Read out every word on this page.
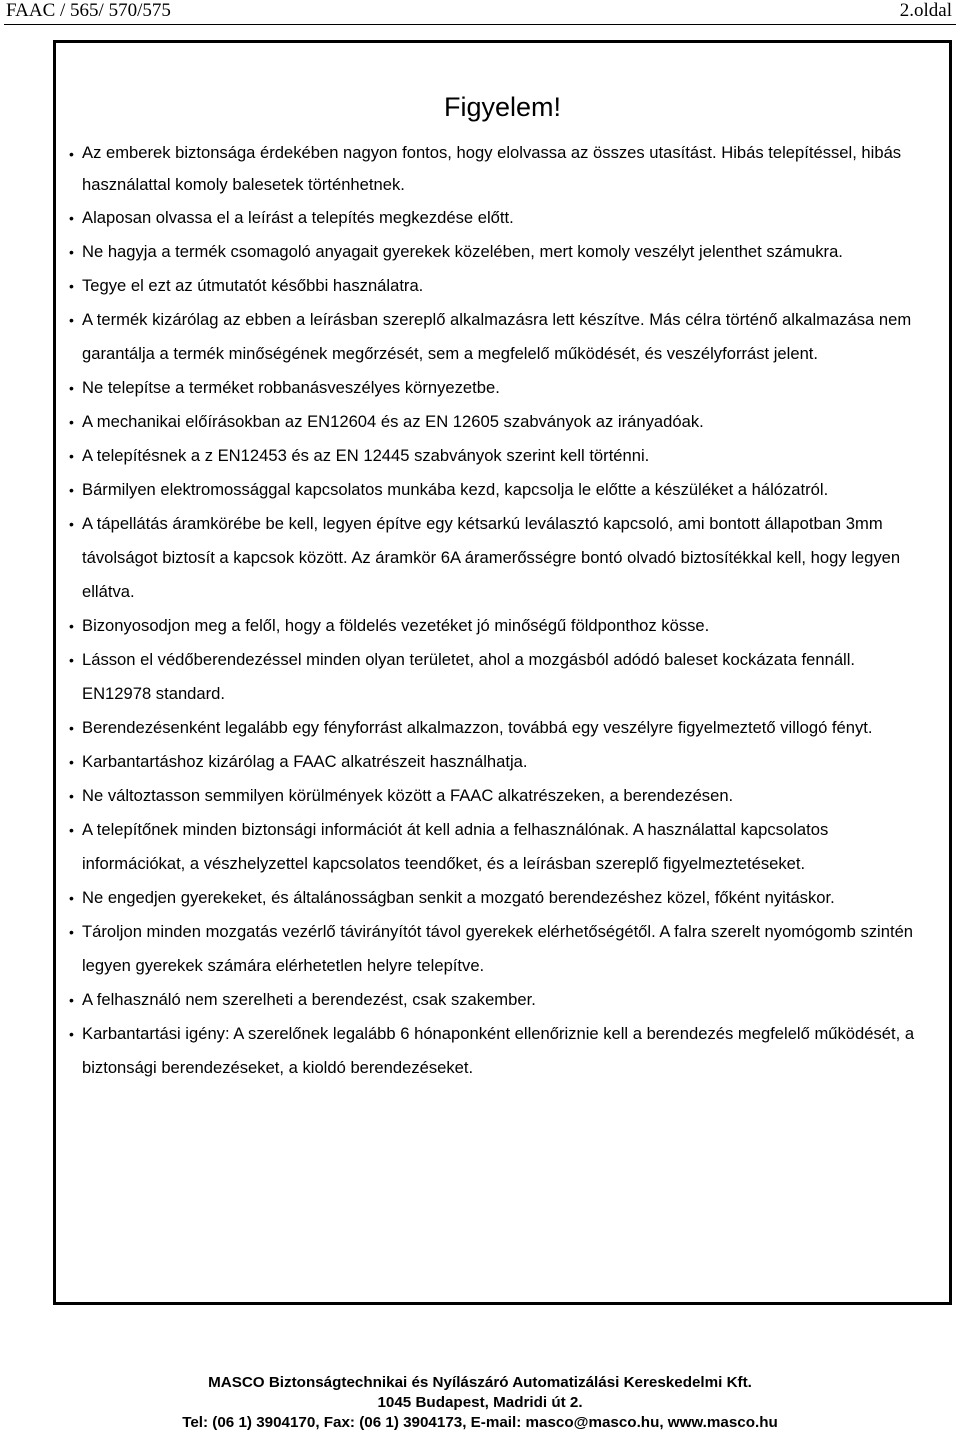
FAAC / 565/ 570/575	2.oldal
Figyelem!
• Az emberek biztonsága érdekében nagyon fontos, hogy elolvassa az összes utasítást. Hibás telepítéssel, hibás használattal komoly balesetek történhetnek.
• Alaposan olvassa el a leírást a telepítés megkezdése előtt.
• Ne hagyja a termék csomagoló anyagait gyerekek közelében, mert komoly veszélyt jelenthet számukra.
• Tegye el ezt az útmutatót későbbi használatra.
• A termék kizárólag az ebben a leírásban szereplő alkalmazásra lett készítve. Más célra történő alkalmazása nem garantálja a termék minőségének megőrzését, sem a megfelelő működését, és veszélyforrást jelent.
• Ne telepítse a terméket robbanásveszélyes környezetbe.
• A mechanikai előírásokban az EN12604 és az EN 12605 szabványok az irányadóak.
• A telepítésnek a z EN12453 és az EN 12445 szabványok szerint kell történni.
• Bármilyen elektromossággal kapcsolatos munkába kezd, kapcsolja le előtte a készüléket a hálózatról.
• A tápellátás áramkörébe be kell, legyen építve egy kétsarkú leválasztó kapcsoló, ami bontott állapotban 3mm távolságot biztosít a kapcsok között. Az áramkör 6A áramerősségre bontó olvadó biztosítékkal kell, hogy legyen ellátva.
• Bizonyosodjon meg a felől, hogy a földelés vezetéket jó minőségű földponthoz kösse.
• Lásson el védőberendezéssel minden olyan területet, ahol a mozgásból adódó baleset kockázata fennáll. EN12978 standard.
• Berendezésenként legalább egy fényforrást alkalmazzon, továbbá egy veszélyre figyelmeztető villogó fényt.
• Karbantartáshoz kizárólag a FAAC alkatrészeit használhatja.
• Ne változtasson semmilyen körülmények között a FAAC alkatrészeken, a berendezésen.
• A telepítőnek minden biztonsági információt át kell adnia a felhasználónak. A használattal kapcsolatos információkat, a vészhelyzettel kapcsolatos teendőket, és a leírásban szereplő figyelmeztetéseket.
• Ne engedjen gyerekeket, és általánosságban senkit a mozgató berendezéshez közel, főként nyitáskor.
• Tároljon minden mozgatás vezérlő távirányítót távol gyerekek elérhetőségétől. A falra szerelt nyomógomb szintén legyen gyerekek számára elérhetetlen helyre telepítve.
• A felhasználó nem szerelheti a berendezést, csak szakember.
• Karbantartási igény: A szerelőnek legalább 6 hónaponként ellenőriznie kell a berendezés megfelelő működését, a biztonsági berendezéseket, a kioldó berendezéseket.
MASCO Biztonságtechnikai és Nyílászáró Automatizálási Kereskedelmi Kft.
1045 Budapest, Madridi út 2.
Tel: (06 1) 3904170, Fax: (06 1) 3904173, E-mail: masco@masco.hu, www.masco.hu
